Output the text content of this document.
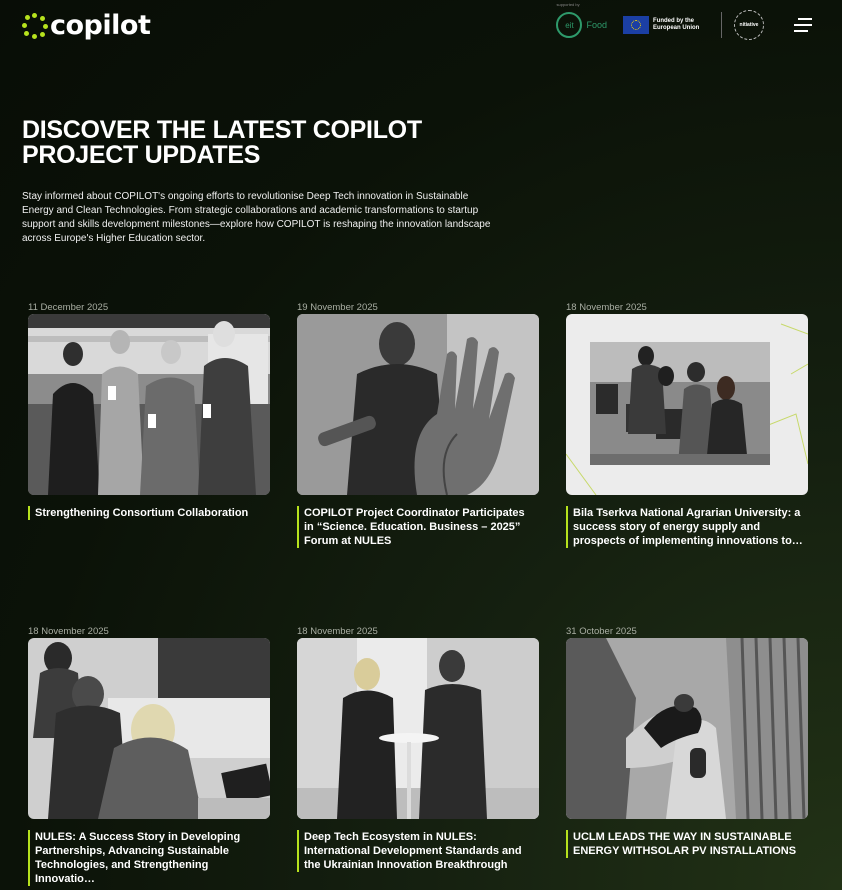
copilot
supported by
eit	Food	Funded by the European Union	nitiative
DISCOVER THE LATEST COPILOT PROJECT UPDATES

Stay informed about COPILOT's ongoing efforts to revolutionise Deep Tech innovation in Sustainable Energy and Clean Technologies. From strategic collaborations and academic transformations to startup support and skills development milestones—explore how COPILOT is reshaping the innovation landscape across Europe's Higher Education sector.

11 December 2025
Strengthening Consortium Collaboration
19 November 2025
COPILOT Project Coordinator Participates in “Science. Education. Business – 2025” Forum at NULES
18 November 2025
Bila Tserkva National Agrarian University: a success story of energy supply and prospects of implementing innovations to…
18 November 2025
NULES: A Success Story in Developing Partnerships, Advancing Sustainable Technologies, and Strengthening Innovatio…
18 November 2025
Deep Tech Ecosystem in NULES: International Development Standards and the Ukrainian Innovation Breakthrough
31 October 2025
UCLM LEADS THE WAY IN SUSTAINABLE ENERGY WITHSOLAR PV INSTALLATIONS
